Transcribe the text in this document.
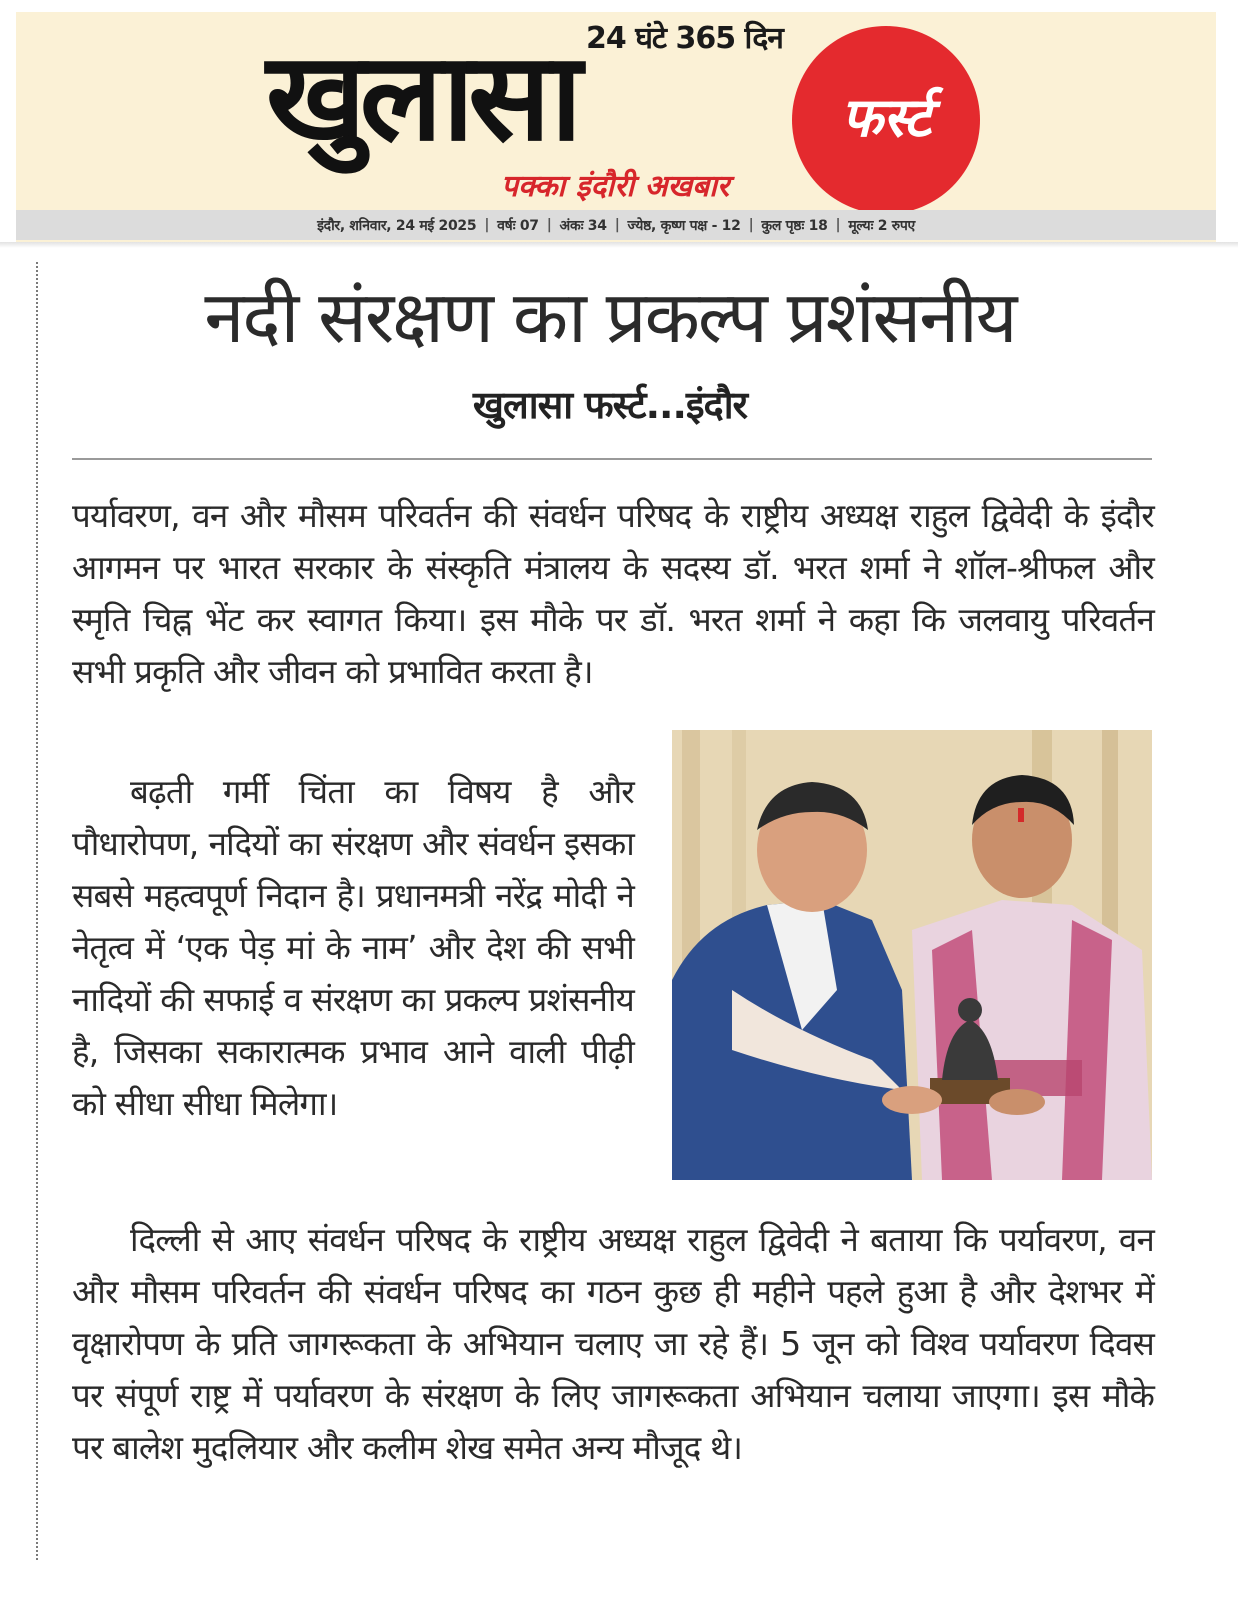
24 घंटे 365 दिन
खुलासा
पक्का इंदौरी अखबार
फर्स्ट
इंदौर, शनिवार, 24 मई 2025 | वर्षः 07 | अंकः 34 | ज्येष्ठ, कृष्ण पक्ष - 12 | कुल पृष्ठः 18 | मूल्यः 2 रुपए
नदी संरक्षण का प्रकल्प प्रशंसनीय
खुलासा फर्स्ट...इंदौर
पर्यावरण, वन और मौसम परिवर्तन की संवर्धन परिषद के राष्ट्रीय अध्यक्ष राहुल द्विवेदी के इंदौर आगमन पर भारत सरकार के संस्कृति मंत्रालय के सदस्य डॉ. भरत शर्मा ने शॉल-श्रीफल और स्मृति चिह्न भेंट कर स्वागत किया। इस मौके पर डॉ. भरत शर्मा ने कहा कि जलवायु परिवर्तन सभी प्रकृति और जीवन को प्रभावित करता है।
बढ़ती गर्मी चिंता का विषय है और पौधारोपण, नदियों का संरक्षण और संवर्धन इसका सबसे महत्वपूर्ण निदान है। प्रधानमत्री नरेंद्र मोदी ने नेतृत्व में ‘एक पेड़ मां के नाम’ और देश की सभी नादियों की सफाई व संरक्षण का प्रकल्प प्रशंसनीय है, जिसका सकारात्मक प्रभाव आने वाली पीढ़ी को सीधा सीधा मिलेगा।
दिल्ली से आए संवर्धन परिषद के राष्ट्रीय अध्यक्ष राहुल द्विवेदी ने बताया कि पर्यावरण, वन और मौसम परिवर्तन की संवर्धन परिषद का गठन कुछ ही महीने पहले हुआ है और देशभर में वृक्षारोपण के प्रति जागरूकता के अभियान चलाए जा रहे हैं। 5 जून को विश्व पर्यावरण दिवस पर संपूर्ण राष्ट्र में पर्यावरण के संरक्षण के लिए जागरूकता अभियान चलाया जाएगा। इस मौके पर बालेश मुदलियार और कलीम शेख समेत अन्य मौजूद थे।
